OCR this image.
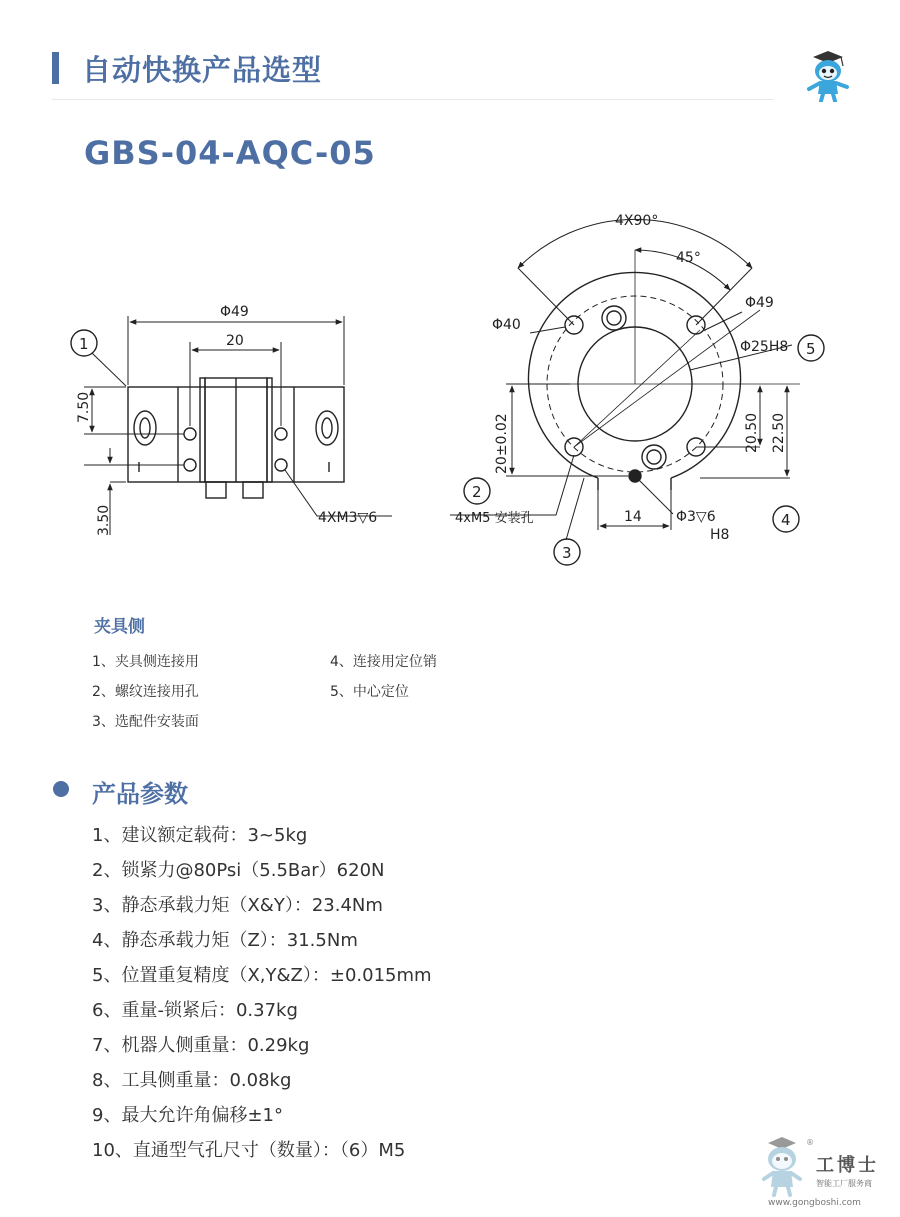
自动快换产品选型
GBS-04-AQC-05
Φ49
20
7.50
3.50	4XM3▽6
1
4X90°
45°
Φ49
Φ40
Φ25H8
20±0.02	20.50 22.50
14 Φ3▽6
H8
4xM5 安装孔
2
3
4
5
夹具侧
1、夹具侧连接用
2、螺纹连接用孔
3、选配件安装面
4、连接用定位销
5、中心定位
产品参数
1、建议额定载荷：3~5kg
2、锁紧力@80Psi（5.5Bar）620N
3、静态承载力矩（X&Y）：23.4Nm
4、静态承载力矩（Z）：31.5Nm
5、位置重复精度（X,Y&Z）：±0.015mm
6、重量-锁紧后：0.37kg
7、机器人侧重量：0.29kg
8、工具侧重量：0.08kg
9、最大允许角偏移±1°
10、直通型气孔尺寸（数量）：（6）M5	®
工博士
智能工厂服务商
www.gongboshi.com
